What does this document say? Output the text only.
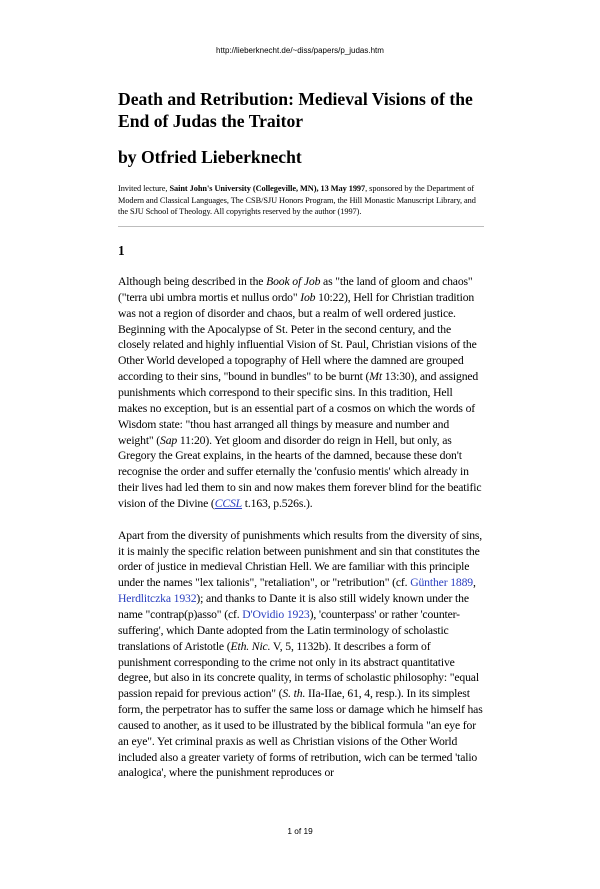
http://lieberknecht.de/~diss/papers/p_judas.htm
Death and Retribution: Medieval Visions of the End of Judas the Traitor
by Otfried Lieberknecht
Invited lecture, Saint John's University (Collegeville, MN), 13 May 1997, sponsored by the Department of Modern and Classical Languages, The CSB/SJU Honors Program, the Hill Monastic Manuscript Library, and the SJU School of Theology. All copyrights reserved by the author (1997).
1

Although being described in the Book of Job as "the land of gloom and chaos" ("terra ubi umbra mortis et nullus ordo" Iob 10:22), Hell for Christian tradition was not a region of disorder and chaos, but a realm of well ordered justice. Beginning with the Apocalypse of St. Peter in the second century, and the closely related and highly influential Vision of St. Paul, Christian visions of the Other World developed a topography of Hell where the damned are grouped according to their sins, "bound in bundles" to be burnt (Mt 13:30), and assigned punishments which correspond to their specific sins. In this tradition, Hell makes no exception, but is an essential part of a cosmos on which the words of Wisdom state: "thou hast arranged all things by measure and number and weight" (Sap 11:20). Yet gloom and disorder do reign in Hell, but only, as Gregory the Great explains, in the hearts of the damned, because these don't recognise the order and suffer eternally the 'confusio mentis' which already in their lives had led them to sin and now makes them forever blind for the beatific vision of the Divine (CCSL t.163, p.526s.).

Apart from the diversity of punishments which results from the diversity of sins, it is mainly the specific relation between punishment and sin that constitutes the order of justice in medieval Christian Hell. We are familiar with this principle under the names "lex talionis", "retaliation", or "retribution" (cf. Günther 1889, Herdlitczka 1932); and thanks to Dante it is also still widely known under the name "contrap(p)asso" (cf. D'Ovidio 1923), 'counterpass' or rather 'counter-suffering', which Dante adopted from the Latin terminology of scholastic translations of Aristotle (Eth. Nic. V, 5, 1132b). It describes a form of punishment corresponding to the crime not only in its abstract quantitative degree, but also in its concrete quality, in terms of scholastic philosophy: "equal passion repaid for previous action" (S. th. IIa-IIae, 61, 4, resp.). In its simplest form, the perpetrator has to suffer the same loss or damage which he himself has caused to another, as it used to be illustrated by the biblical formula "an eye for an eye". Yet criminal praxis as well as Christian visions of the Other World included also a greater variety of forms of retribution, wich can be termed 'talio analogica', where the punishment reproduces or

1 of 19
